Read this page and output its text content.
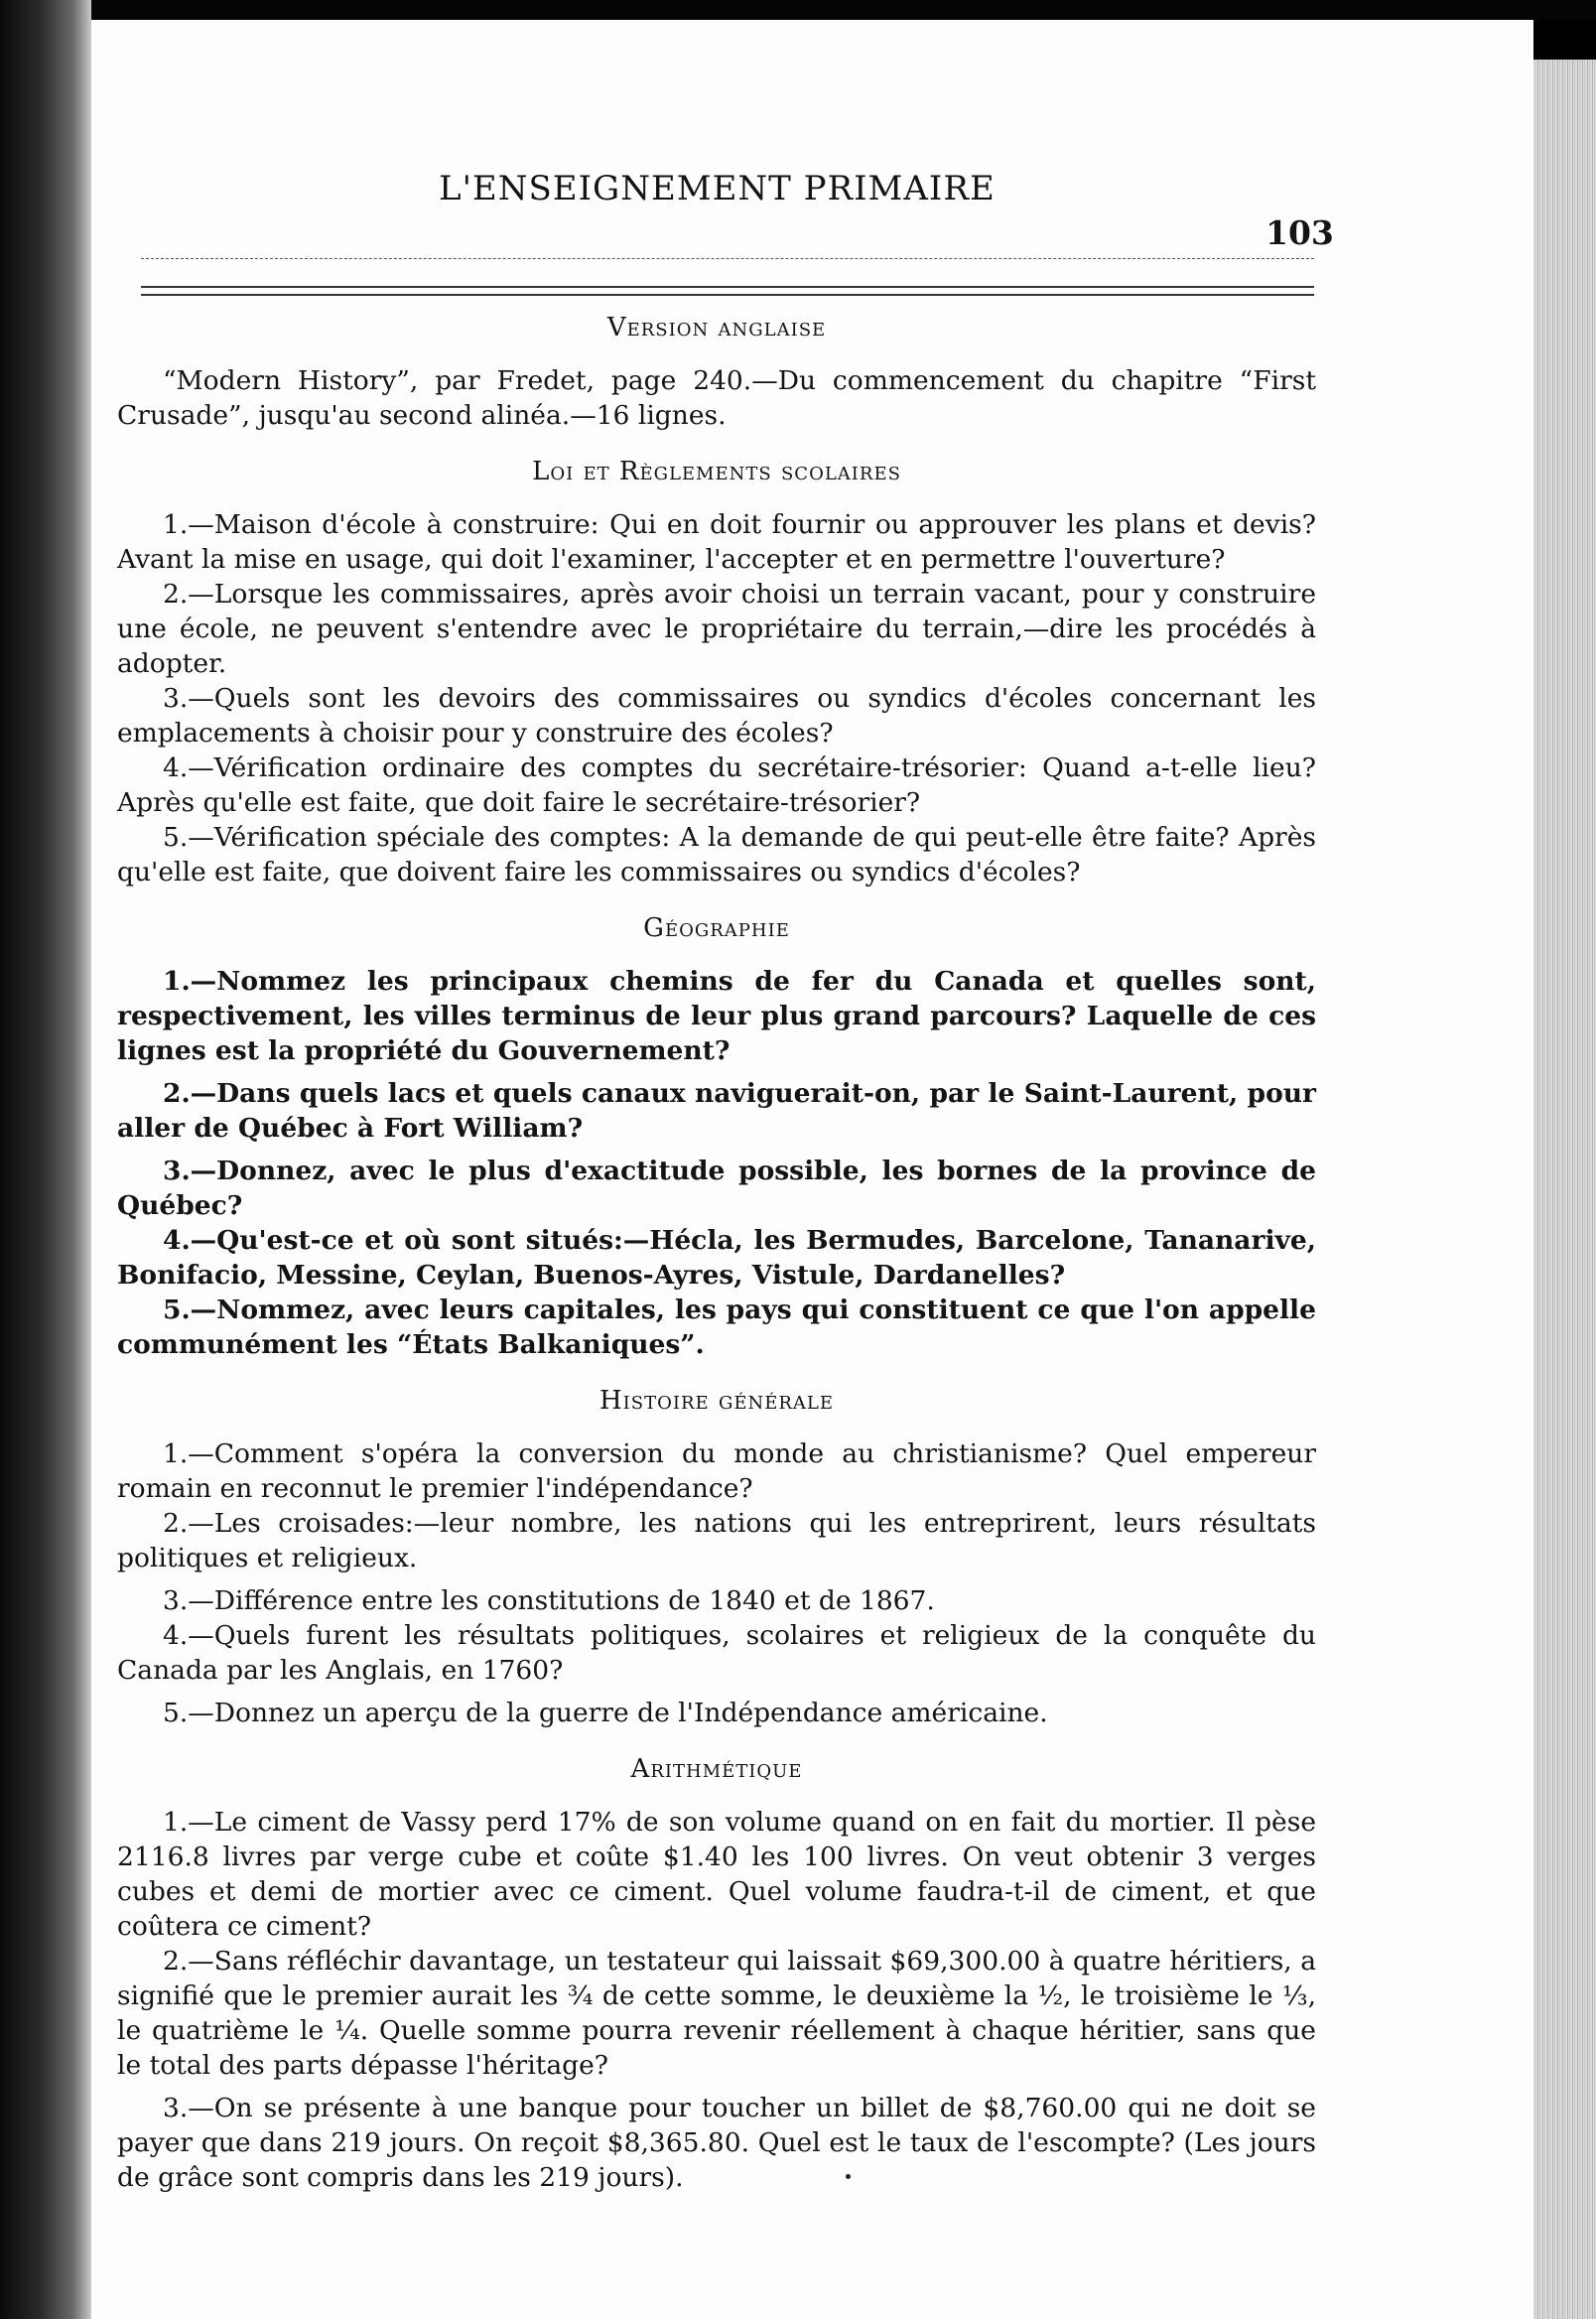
L'ENSEIGNEMENT PRIMAIRE
103
Version anglaise

“Modern History”, par Fredet, page 240.—Du commencement du chapitre “First Crusade”, jusqu'au second alinéa.—16 lignes.

Loi et Règlements scolaires

1.—Maison d'école à construire: Qui en doit fournir ou approuver les plans et devis? Avant la mise en usage, qui doit l'examiner, l'accepter et en permettre l'ouverture?

2.—Lorsque les commissaires, après avoir choisi un terrain vacant, pour y construire une école, ne peuvent s'entendre avec le propriétaire du terrain,—dire les procédés à adopter.

3.—Quels sont les devoirs des commissaires ou syndics d'écoles concernant les emplacements à choisir pour y construire des écoles?

4.—Vérification ordinaire des comptes du secrétaire-trésorier: Quand a-t-elle lieu? Après qu'elle est faite, que doit faire le secrétaire-trésorier?

5.—Vérification spéciale des comptes: A la demande de qui peut-elle être faite? Après qu'elle est faite, que doivent faire les commissaires ou syndics d'écoles?

Géographie

1.—Nommez les principaux chemins de fer du Canada et quelles sont, respectivement, les villes terminus de leur plus grand parcours? Laquelle de ces lignes est la propriété du Gouvernement?

2.—Dans quels lacs et quels canaux naviguerait-on, par le Saint-Laurent, pour aller de Québec à Fort William?

3.—Donnez, avec le plus d'exactitude possible, les bornes de la province de Québec?

4.—Qu'est-ce et où sont situés:—Hécla, les Bermudes, Barcelone, Tananarive, Bonifacio, Messine, Ceylan, Buenos-Ayres, Vistule, Dardanelles?

5.—Nommez, avec leurs capitales, les pays qui constituent ce que l'on appelle communément les “États Balkaniques”.

Histoire générale

1.—Comment s'opéra la conversion du monde au christianisme? Quel empereur romain en reconnut le premier l'indépendance?

2.—Les croisades:—leur nombre, les nations qui les entreprirent, leurs résultats politiques et religieux.

3.—Différence entre les constitutions de 1840 et de 1867.

4.—Quels furent les résultats politiques, scolaires et religieux de la conquête du Canada par les Anglais, en 1760?

5.—Donnez un aperçu de la guerre de l'Indépendance américaine.

Arithmétique

1.—Le ciment de Vassy perd 17% de son volume quand on en fait du mortier. Il pèse 2116.8 livres par verge cube et coûte $1.40 les 100 livres. On veut obtenir 3 verges cubes et demi de mortier avec ce ciment. Quel volume faudra-t-il de ciment, et que coûtera ce ciment?

2.—Sans réfléchir davantage, un testateur qui laissait $69,300.00 à quatre héritiers, a signifié que le premier aurait les ¾ de cette somme, le deuxième la ½, le troisième le ⅓, le quatrième le ¼. Quelle somme pourra revenir réellement à chaque héritier, sans que le total des parts dépasse l'héritage?

3.—On se présente à une banque pour toucher un billet de $8,760.00 qui ne doit se payer que dans 219 jours. On reçoit $8,365.80. Quel est le taux de l'escompte? (Les jours de grâce sont compris dans les 219 jours).
